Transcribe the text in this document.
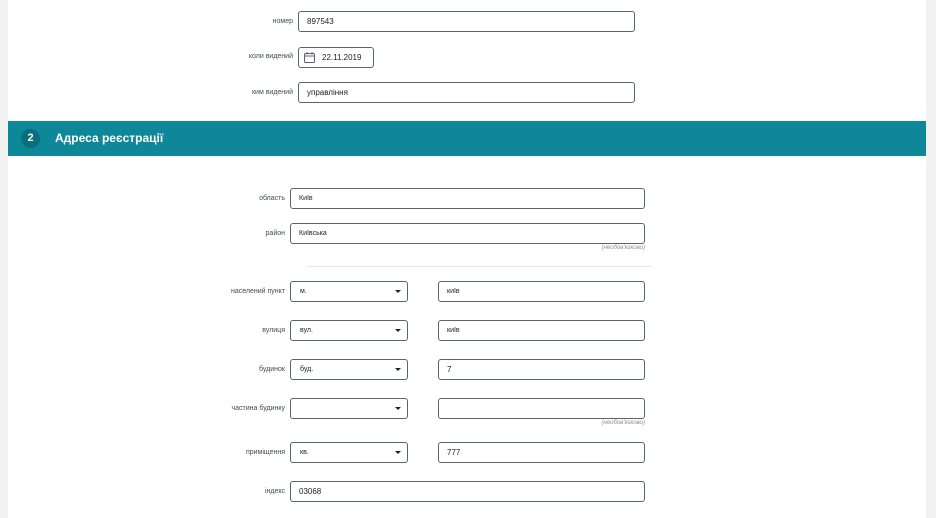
номер	897543
коли видений	22.11.2019
ким видений	управління
2	Адреса реєстрації
область	Київ
район	Київська
(необов'язково)
населений пункт	м.	київ
вулиця	вул.	київ
будинок	буд.	7
частина будинку
(необов'язково)
приміщення	кв.	777
індекс	03068
